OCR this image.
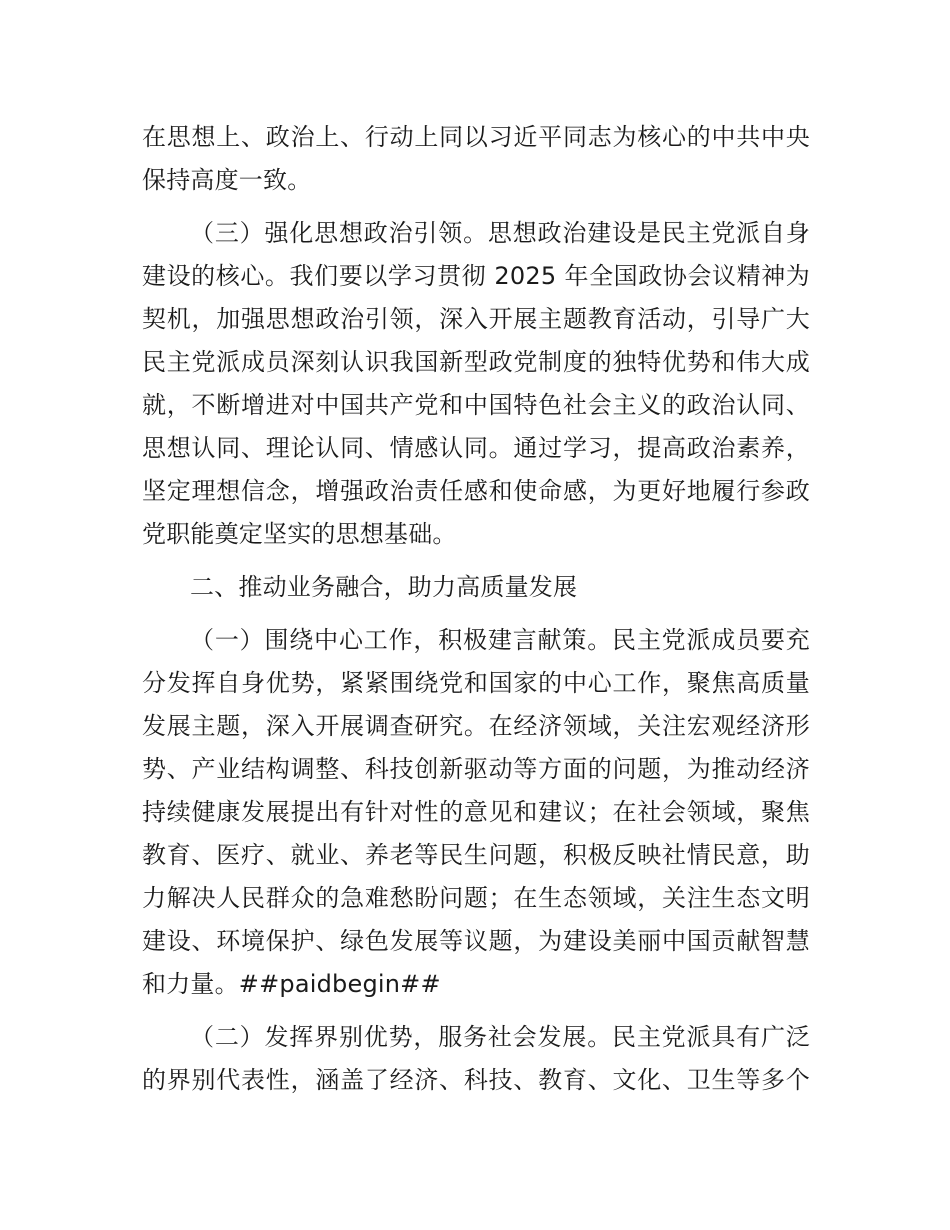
在思想上、政治上、行动上同以习近平同志为核心的中共中央
保持高度一致。
（三）强化思想政治引领。思想政治建设是民主党派自身
建设的核心。我们要以学习贯彻 2025 年全国政协会议精神为
契机，加强思想政治引领，深入开展主题教育活动，引导广大
民主党派成员深刻认识我国新型政党制度的独特优势和伟大成
就，不断增进对中国共产党和中国特色社会主义的政治认同、
思想认同、理论认同、情感认同。通过学习，提高政治素养，
坚定理想信念，增强政治责任感和使命感，为更好地履行参政
党职能奠定坚实的思想基础。
二、推动业务融合，助力高质量发展
（一）围绕中心工作，积极建言献策。民主党派成员要充
分发挥自身优势，紧紧围绕党和国家的中心工作，聚焦高质量
发展主题，深入开展调查研究。在经济领域，关注宏观经济形
势、产业结构调整、科技创新驱动等方面的问题，为推动经济
持续健康发展提出有针对性的意见和建议；在社会领域，聚焦
教育、医疗、就业、养老等民生问题，积极反映社情民意，助
力解决人民群众的急难愁盼问题；在生态领域，关注生态文明
建设、环境保护、绿色发展等议题，为建设美丽中国贡献智慧
和力量。##paidbegin##
（二）发挥界别优势，服务社会发展。民主党派具有广泛
的界别代表性，涵盖了经济、科技、教育、文化、卫生等多个
